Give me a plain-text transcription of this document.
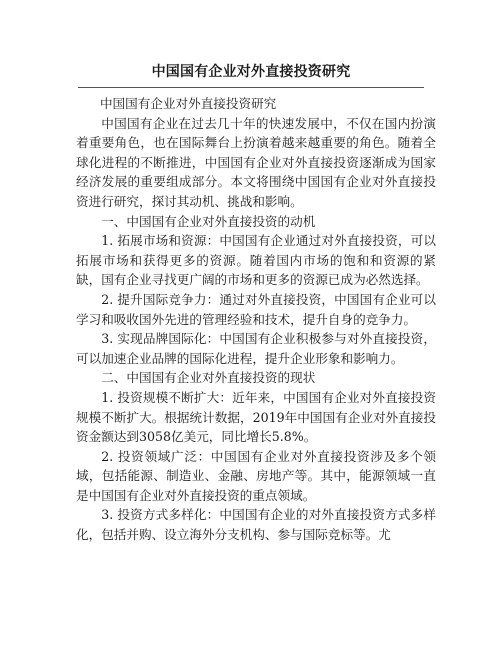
中国国有企业对外直接投资研究

中国国有企业对外直接投资研究

中国国有企业在过去几十年的快速发展中，不仅在国内扮演着重要角色，也在国际舞台上扮演着越来越重要的角色。随着全球化进程的不断推进，中国国有企业对外直接投资逐渐成为国家经济发展的重要组成部分。本文将围绕中国国有企业对外直接投资进行研究，探讨其动机、挑战和影响。

一、中国国有企业对外直接投资的动机

1. 拓展市场和资源：中国国有企业通过对外直接投资，可以拓展市场和获得更多的资源。随着国内市场的饱和和资源的紧缺，国有企业寻找更广阔的市场和更多的资源已成为必然选择。

2. 提升国际竞争力：通过对外直接投资，中国国有企业可以学习和吸收国外先进的管理经验和技术，提升自身的竞争力。

3. 实现品牌国际化：中国国有企业积极参与对外直接投资，可以加速企业品牌的国际化进程，提升企业形象和影响力。

二、中国国有企业对外直接投资的现状

1. 投资规模不断扩大：近年来，中国国有企业对外直接投资规模不断扩大。根据统计数据，2019年中国国有企业对外直接投资金额达到3058亿美元，同比增长5.8%。

2. 投资领域广泛：中国国有企业对外直接投资涉及多个领域，包括能源、制造业、金融、房地产等。其中，能源领域一直是中国国有企业对外直接投资的重点领域。

3. 投资方式多样化：中国国有企业的对外直接投资方式多样化，包括并购、设立海外分支机构、参与国际竞标等。尤
